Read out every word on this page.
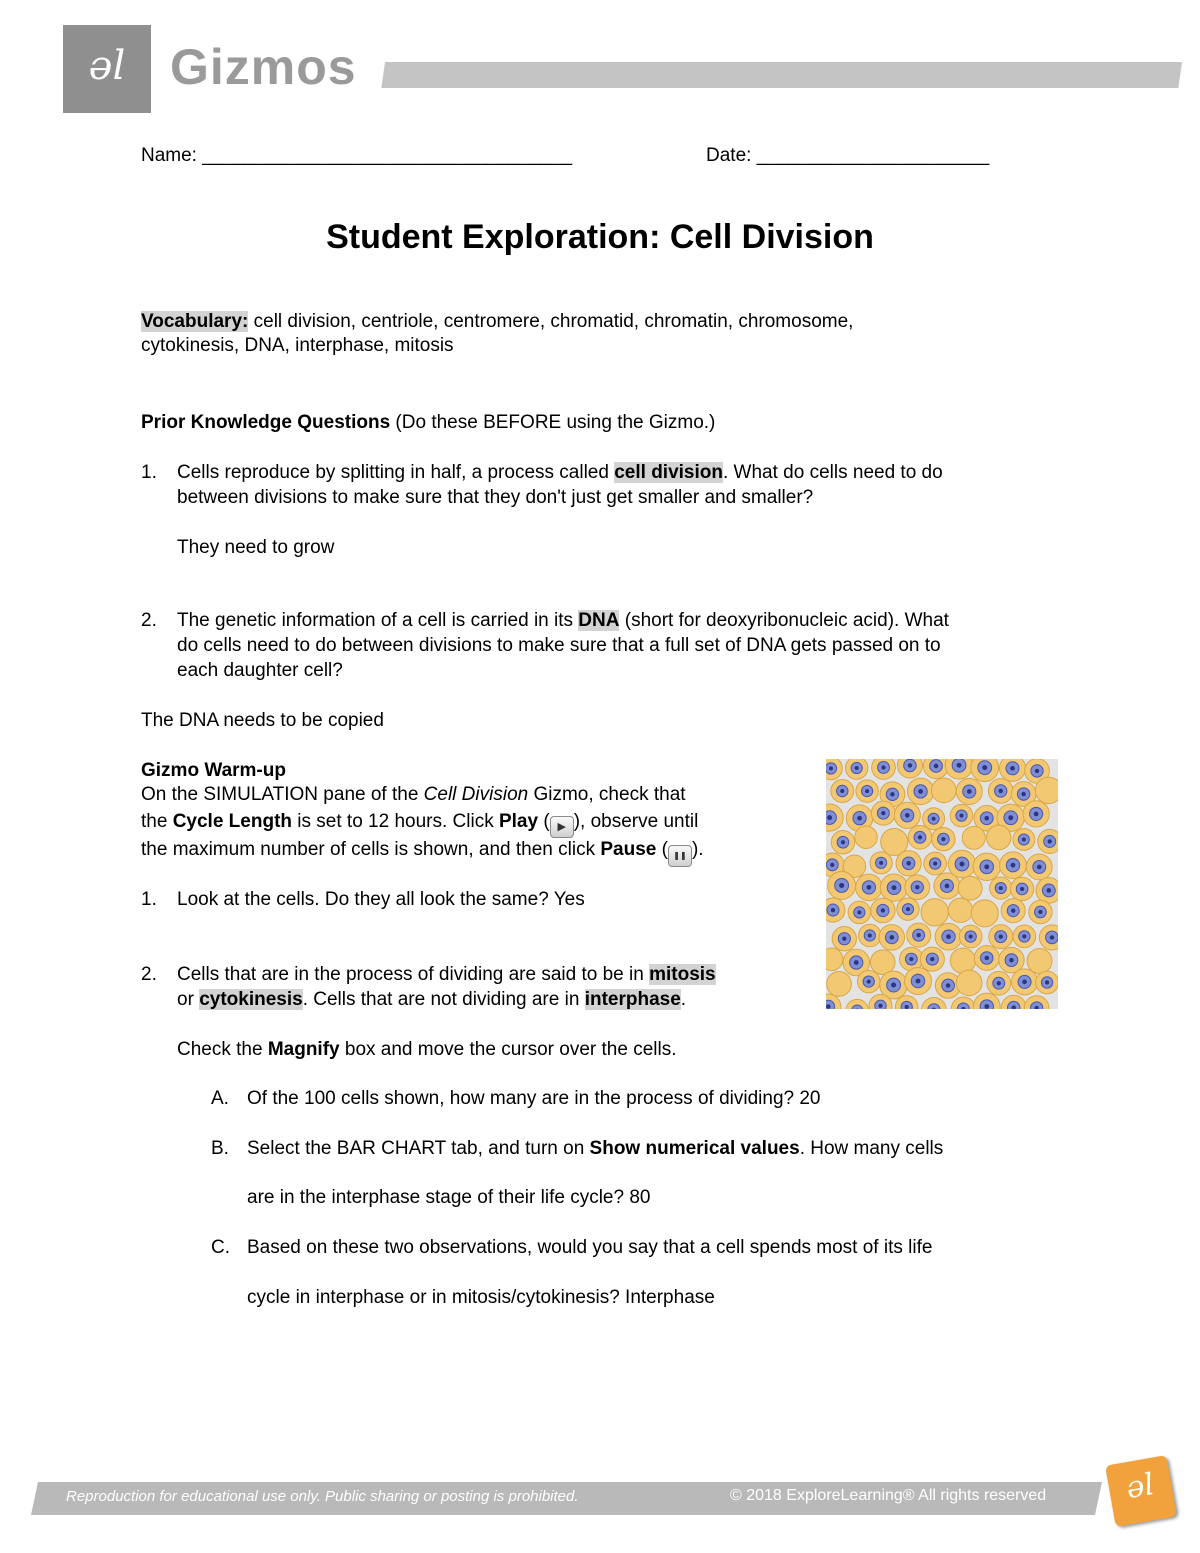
ǝl Gizmos
Name: ___________________________________	Date: ______________________
Student Exploration: Cell Division
Vocabulary: cell division, centriole, centromere, chromatid, chromatin, chromosome,
cytokinesis, DNA, interphase, mitosis
Prior Knowledge Questions (Do these BEFORE using the Gizmo.)
1. Cells reproduce by splitting in half, a process called cell division. What do cells need to do
between divisions to make sure that they don't just get smaller and smaller?
They need to grow
2. The genetic information of a cell is carried in its DNA (short for deoxyribonucleic acid). What
do cells need to do between divisions to make sure that a full set of DNA gets passed on to
each daughter cell?
The DNA needs to be copied
Gizmo Warm-up
On the SIMULATION pane of the Cell Division Gizmo, check that
the Cycle Length is set to 12 hours. Click Play ( ▶ ), observe until
the maximum number of cells is shown, and then click Pause ( ❚❚ ).
1. Look at the cells. Do they all look the same? Yes
2. Cells that are in the process of dividing are said to be in mitosis
or cytokinesis. Cells that are not dividing are in interphase.
Check the Magnify box and move the cursor over the cells.
A. Of the 100 cells shown, how many are in the process of dividing? 20
B. Select the BAR CHART tab, and turn on Show numerical values. How many cells
are in the interphase stage of their life cycle? 80
C. Based on these two observations, would you say that a cell spends most of its life
cycle in interphase or in mitosis/cytokinesis? Interphase
Reproduction for educational use only. Public sharing or posting is prohibited.	© 2018 ExploreLearning® All rights reserved	ǝl
